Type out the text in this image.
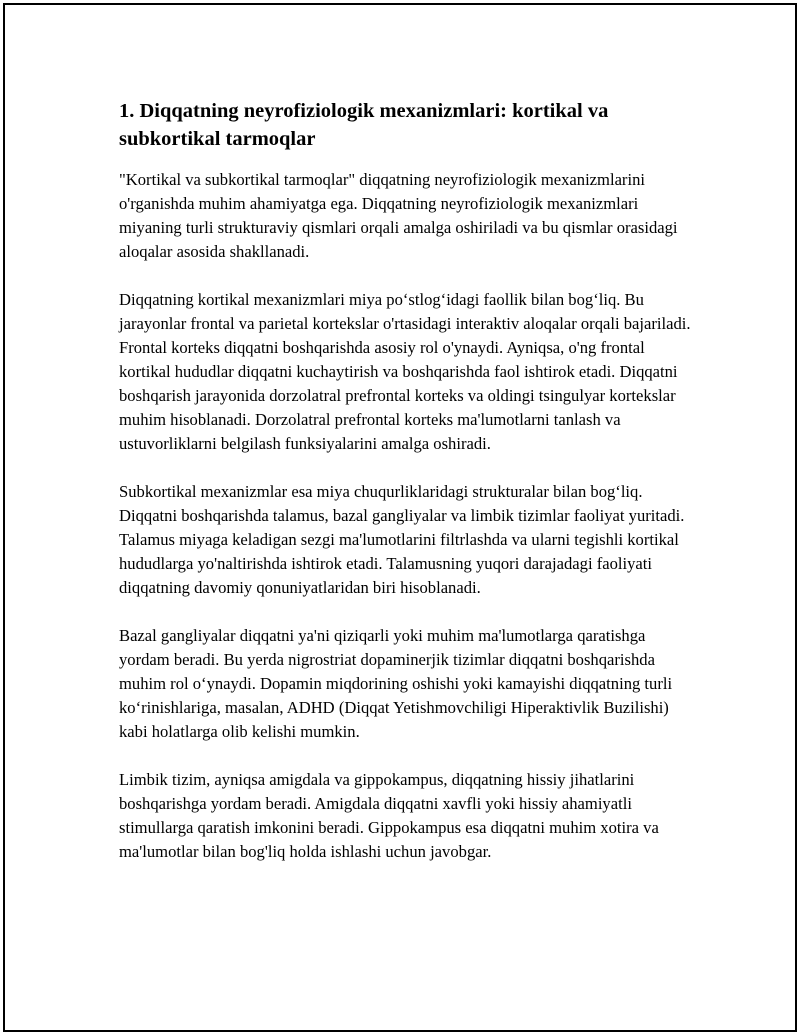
1. Diqqatning neyrofiziologik mexanizmlari: kortikal va subkortikal tarmoqlar

"Kortikal va subkortikal tarmoqlar" diqqatning neyrofiziologik mexanizmlarini o'rganishda muhim ahamiyatga ega. Diqqatning neyrofiziologik mexanizmlari miyaning turli strukturaviy qismlari orqali amalga oshiriladi va bu qismlar orasidagi aloqalar asosida shakllanadi.

Diqqatning kortikal mexanizmlari miya po‘stlog‘idagi faollik bilan bog‘liq. Bu jarayonlar frontal va parietal kortekslar o'rtasidagi interaktiv aloqalar orqali bajariladi. Frontal korteks diqqatni boshqarishda asosiy rol o'ynaydi. Ayniqsa, o'ng frontal kortikal hududlar diqqatni kuchaytirish va boshqarishda faol ishtirok etadi. Diqqatni boshqarish jarayonida dorzolatral prefrontal korteks va oldingi tsingulyar kortekslar muhim hisoblanadi. Dorzolatral prefrontal korteks ma'lumotlarni tanlash va ustuvorliklarni belgilash funksiyalarini amalga oshiradi.

Subkortikal mexanizmlar esa miya chuqurliklaridagi strukturalar bilan bog‘liq. Diqqatni boshqarishda talamus, bazal gangliyalar va limbik tizimlar faoliyat yuritadi. Talamus miyaga keladigan sezgi ma'lumotlarini filtrlashda va ularni tegishli kortikal hududlarga yo'naltirishda ishtirok etadi. Talamusning yuqori darajadagi faoliyati diqqatning davomiy qonuniyatlaridan biri hisoblanadi.

Bazal gangliyalar diqqatni ya'ni qiziqarli yoki muhim ma'lumotlarga qaratishga yordam beradi. Bu yerda nigrostriat dopaminerjik tizimlar diqqatni boshqarishda muhim rol o‘ynaydi. Dopamin miqdorining oshishi yoki kamayishi diqqatning turli ko‘rinishlariga, masalan, ADHD (Diqqat Yetishmovchiligi Hiperaktivlik Buzilishi) kabi holatlarga olib kelishi mumkin.

Limbik tizim, ayniqsa amigdala va gippokampus, diqqatning hissiy jihatlarini boshqarishga yordam beradi. Amigdala diqqatni xavfli yoki hissiy ahamiyatli stimullarga qaratish imkonini beradi. Gippokampus esa diqqatni muhim xotira va ma'lumotlar bilan bog'liq holda ishlashi uchun javobgar.
